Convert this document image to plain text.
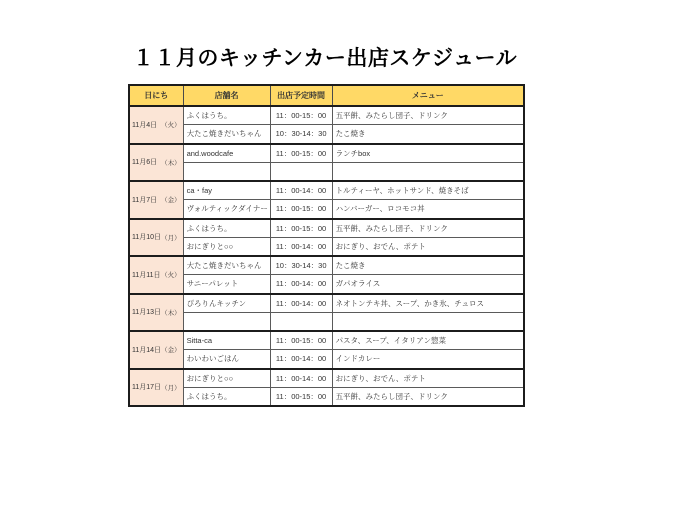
１１月のキッチンカー出店スケジュール
日にち	店舗名	出店予定時間	メニュー

11月4日 （火）	ふくはうち。	11：00-15：00	五平餅、みたらし団子、ドリンク
	大たこ焼きだいちゃん	10：30-14：30	たこ焼き

11月6日 （木）	and.woodcafe	11：00-15：00	ランチbox

11月7日 （金）	ca・fay	11：00-14：00	トルティーヤ、ホットサンド、焼きそば
	ヴォルティックダイナー	11：00-15：00	ハンバーガー、ロコモコ丼

11月10日 （月）	ふくはうち。	11：00-15：00	五平餅、みたらし団子、ドリンク
	おにぎりと○○	11：00-14：00	おにぎり、おでん、ポテト

11月11日 （火）	大たこ焼きだいちゃん	10：30-14：30	たこ焼き
	サニーパレット	11：00-14：00	ガパオライス

11月13日 （木）	ぴろりんキッチン	11：00-14：00	ネオトンテキ丼、スープ、かき氷、チュロス

11月14日 （金）	Sitta-ca	11：00-15：00	パスタ、スープ、イタリアン惣菜
	わいわいごはん	11：00-14：00	インドカレー

11月17日 （月）	おにぎりと○○	11：00-14：00	おにぎり、おでん、ポテト
	ふくはうち。	11：00-15：00	五平餅、みたらし団子、ドリンク
